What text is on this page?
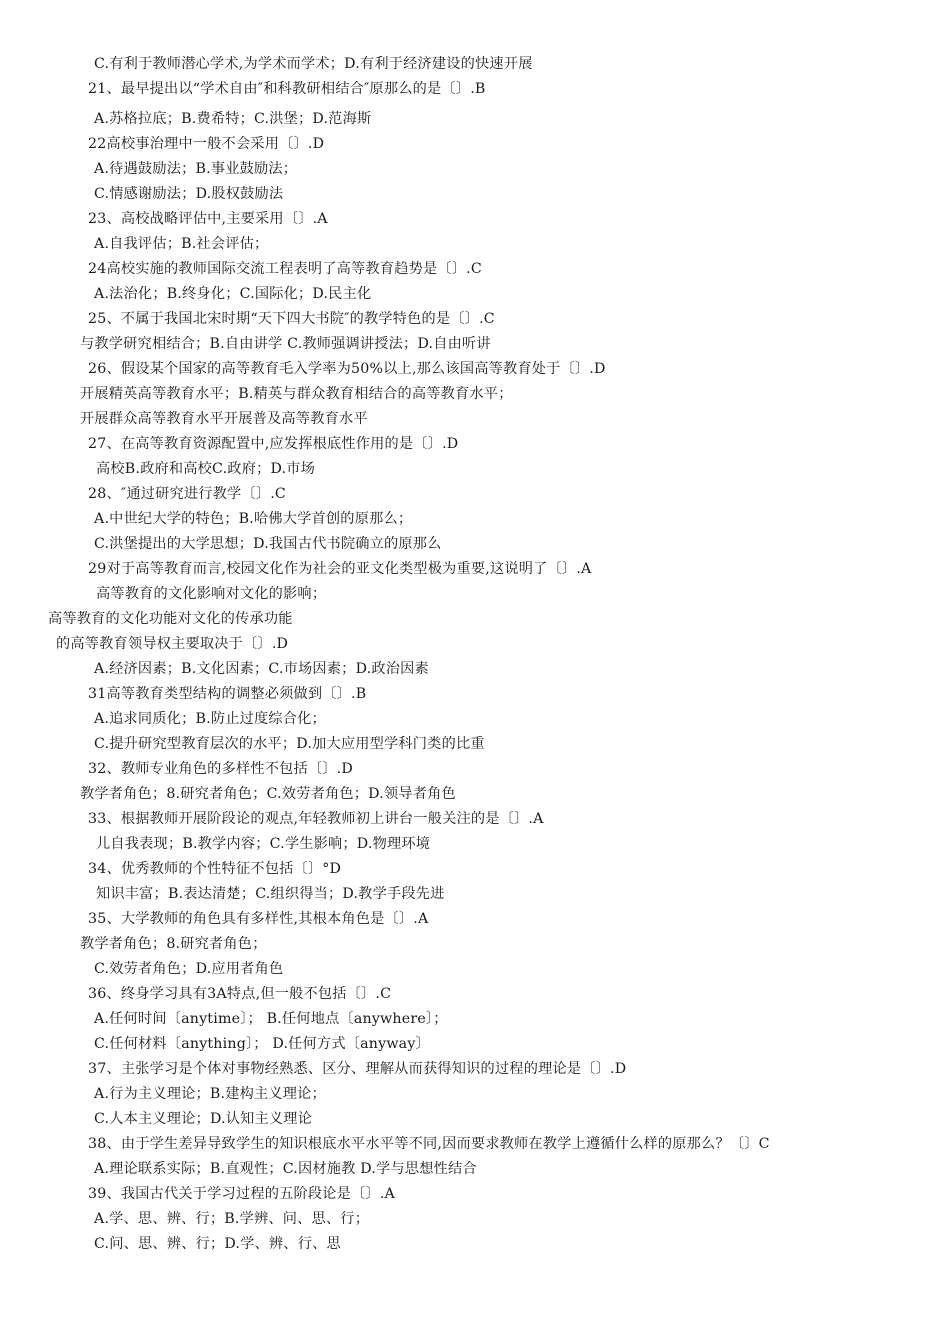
C.有利于教师潜心学术,为学术而学术；D.有利于经济建设的快速开展
21、最早提出以“学术自由″和科教研相结合″原那么的是〔〕.B
A.苏格拉底；B.费希特；C.洪堡；D.范海斯
22高校事治理中一般不会采用〔〕.D
A.待遇鼓励法；B.事业鼓励法；
C.情感谢励法；D.股权鼓励法
23、高校战略评估中,主要采用〔〕.A
A.自我评估；B.社会评估；
24高校实施的教师国际交流工程表明了高等教育趋势是〔〕.C
A.法治化；B.终身化；C.国际化；D.民主化
25、不属于我国北宋时期“天下四大书院″的教学特色的是〔〕.C
与教学研究相结合；B.自由讲学 C.教师强调讲授法；D.自由听讲
26、假设某个国家的高等教育毛入学率为50%以上,那么该国高等教育处于〔〕.D
开展精英高等教育水平；B.精英与群众教育相结合的高等教育水平；
开展群众高等教育水平开展普及高等教育水平
27、在高等教育资源配置中,应发挥根底性作用的是〔〕.D
高校B.政府和高校C.政府；D.市场
28、″通过研究进行教学〔〕.C
A.中世纪大学的特色；B.哈佛大学首创的原那么；
C.洪堡提出的大学思想；D.我国古代书院确立的原那么
29对于高等教育而言,校园文化作为社会的亚文化类型极为重要,这说明了〔〕.A
高等教育的文化影响对文化的影响；
高等教育的文化功能对文化的传承功能
的高等教育领导权主要取决于〔〕.D
A.经济因素；B.文化因素；C.市场因素；D.政治因素
31高等教育类型结构的调整必须做到〔〕.B
A.追求同质化；B.防止过度综合化；
C.提升研究型教育层次的水平；D.加大应用型学科门类的比重
32、教师专业角色的多样性不包括〔〕.D
教学者角色；8.研究者角色；C.效劳者角色；D.领导者角色
33、根据教师开展阶段论的观点,年轻教师初上讲台一般关注的是〔〕.A
儿自我表现；B.教学内容；C.学生影响；D.物理环境
34、优秀教师的个性特征不包括〔〕°D
知识丰富；B.表达清楚；C.组织得当；D.教学手段先进
35、大学教师的角色具有多样性,其根本角色是〔〕.A
教学者角色；8.研究者角色；
C.效劳者角色；D.应用者角色
36、终身学习具有3A特点,但一般不包括〔〕.C
A.任何时间〔anytime〕； B.任何地点〔anywhere〕；
C.任何材料〔anything〕； D.任何方式〔anyway〕
37、主张学习是个体对事物经熟悉、区分、理解从而获得知识的过程的理论是〔〕.D
A.行为主义理论；B.建构主义理论；
C.人本主义理论；D.认知主义理论
38、由于学生差异导致学生的知识根底水平水平等不同,因而要求教师在教学上遵循什么样的原那么？〔〕C
A.理论联系实际；B.直观性；C.因材施教 D.学与思想性结合
39、我国古代关于学习过程的五阶段论是〔〕.A
A.学、思、辨、行；B.学辨、问、思、行；
C.问、思、辨、行；D.学、辨、行、思
